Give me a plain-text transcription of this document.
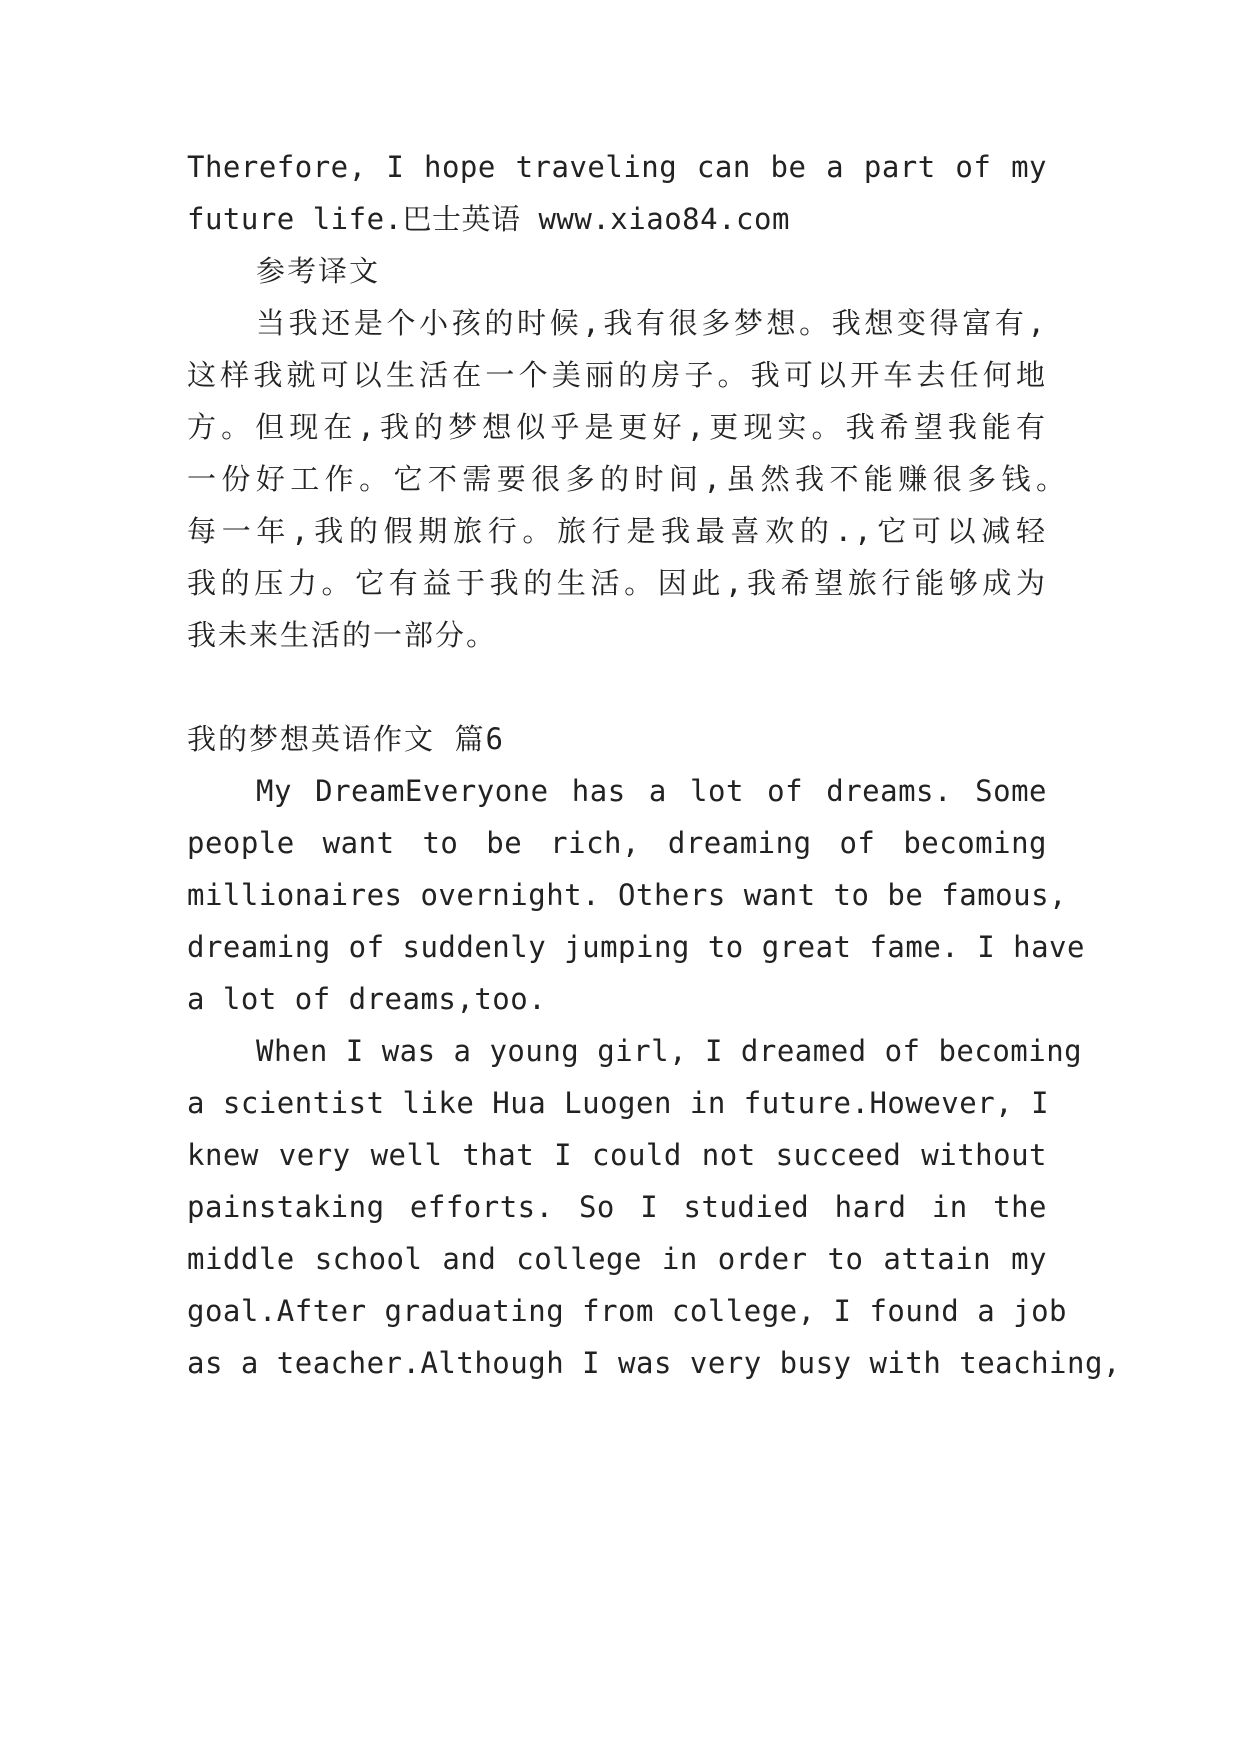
Therefore, I hope traveling can be a part of my
future life.巴士英语 www.xiao84.com
参考译文
当我还是个小孩的时候,我有很多梦想。我想变得富有,
这样我就可以生活在一个美丽的房子。我可以开车去任何地
方。但现在,我的梦想似乎是更好,更现实。我希望我能有
一份好工作。它不需要很多的时间,虽然我不能赚很多钱。
每一年,我的假期旅行。旅行是我最喜欢的.,它可以减轻
我的压力。它有益于我的生活。因此,我希望旅行能够成为
我未来生活的一部分。
我的梦想英语作文 篇6
My DreamEveryone has a lot of dreams. Some
people want to be rich, dreaming of becoming
millionaires overnight. Others want to be famous,
dreaming of suddenly jumping to great fame. I have
a lot of dreams,too.
When I was a young girl, I dreamed of becoming
a scientist like Hua Luogen in future.However, I
knew very well that I could not succeed without
painstaking efforts. So I studied hard in the
middle school and college in order to attain my
goal.After graduating from college, I found a job
as a teacher.Although I was very busy with teaching,
